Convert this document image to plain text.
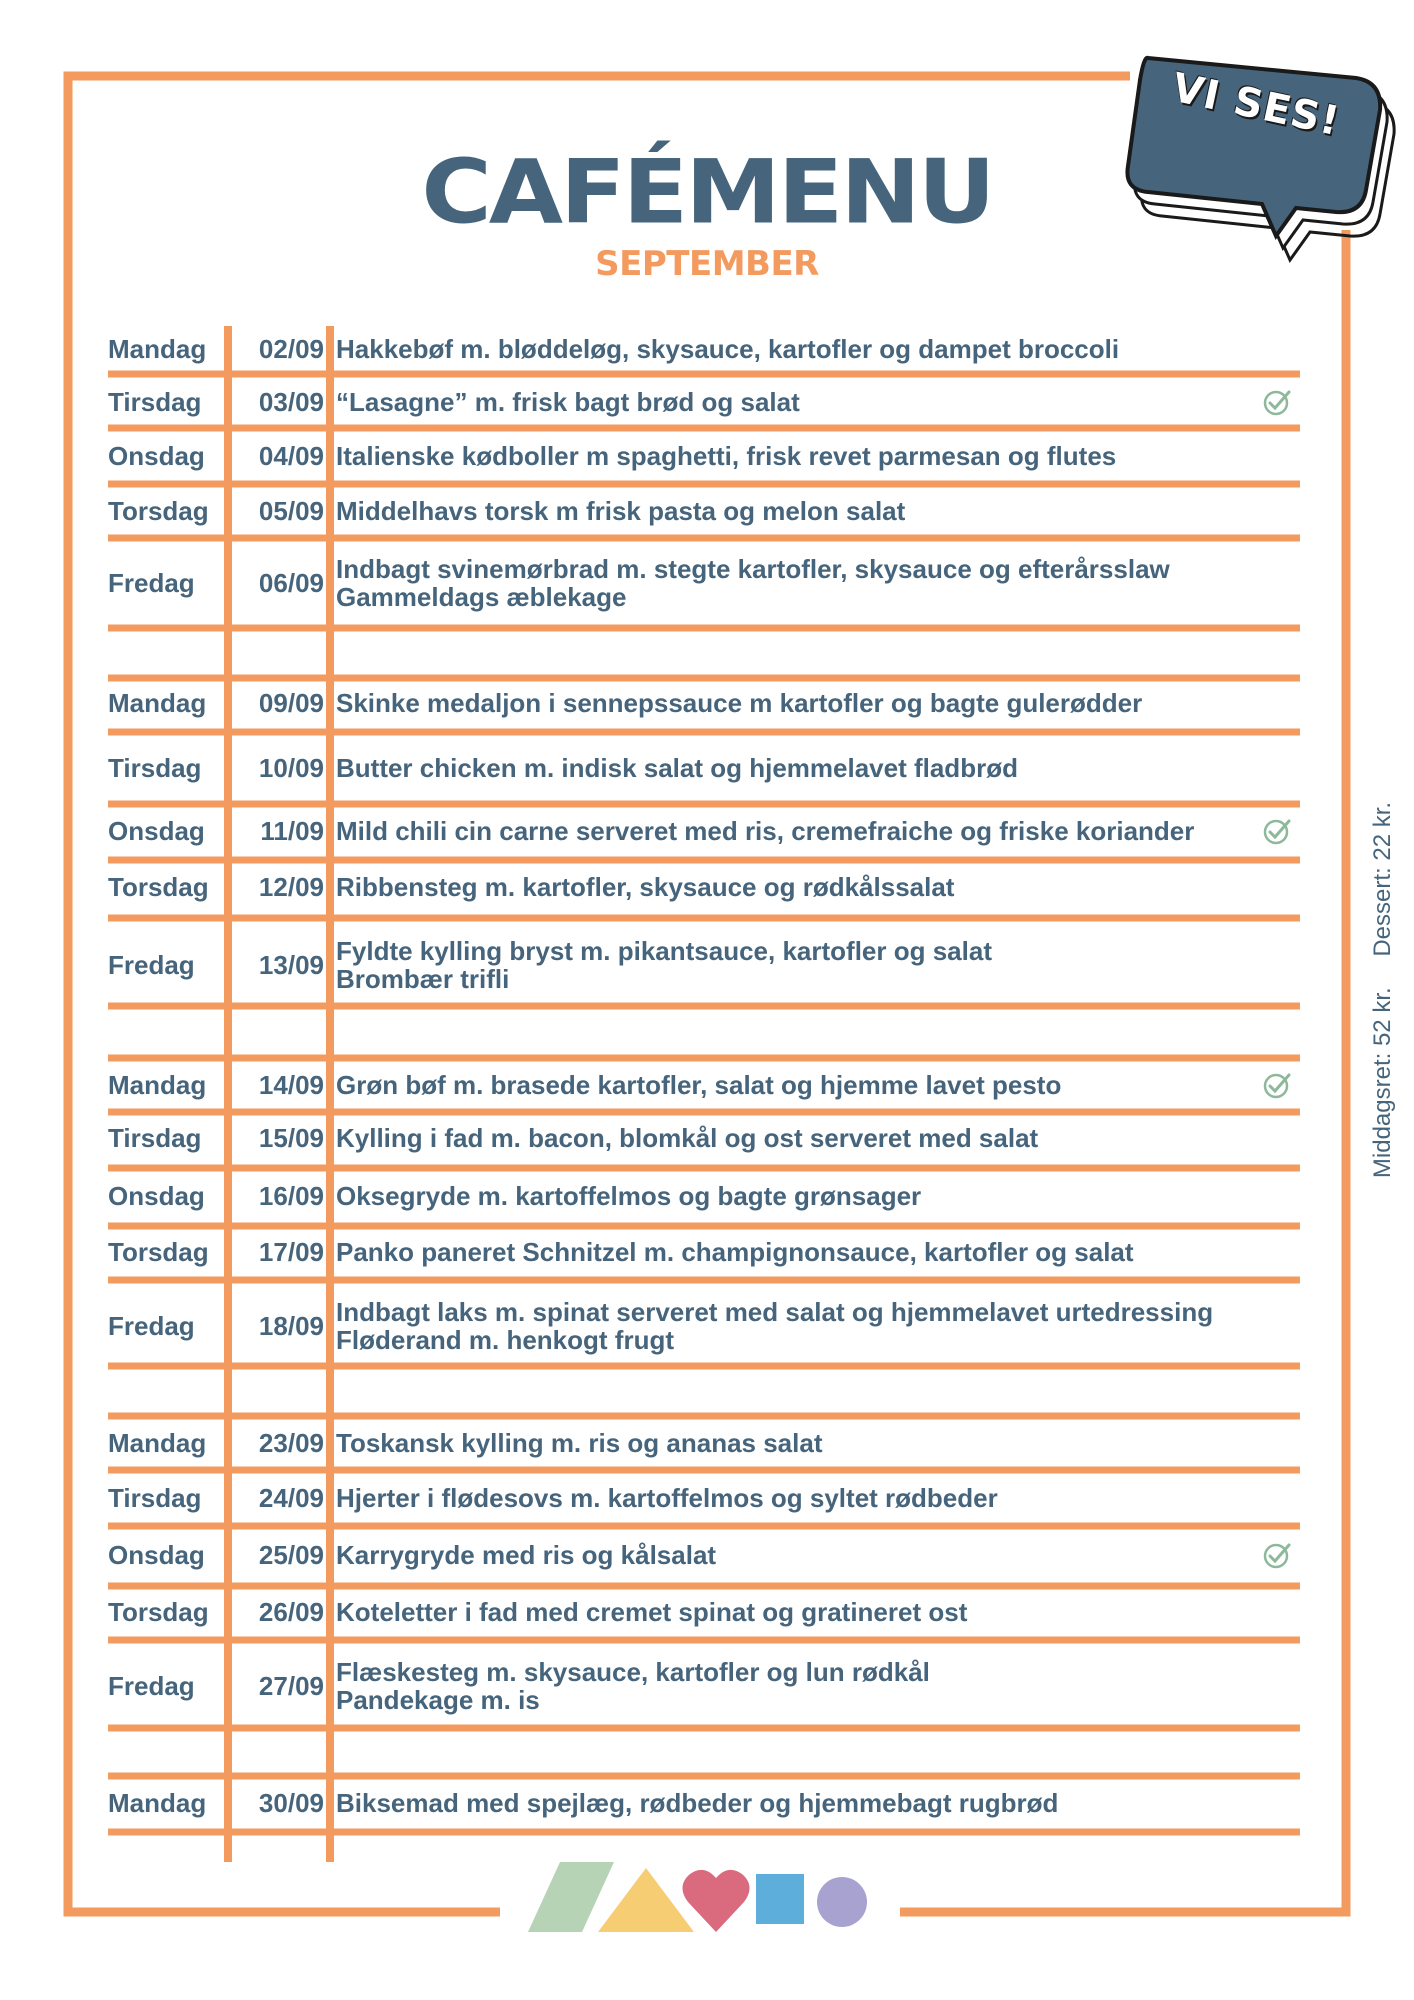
CAFÉMENU
SEPTEMBER
VI SES!
Mandag	02/09 Hakkebøf m. bløddeløg, skysauce, kartofler og dampet broccoli
Tirsdag	03/09 “Lasagne” m. frisk bagt brød og salat
Onsdag	04/09 Italienske kødboller m spaghetti, frisk revet parmesan og flutes
Torsdag	05/09 Middelhavs torsk m frisk pasta og melon salat
Fredag	06/09 Indbagt svinemørbrad m. stegte kartofler, skysauce og efterårsslaw
Gammeldags æblekage
Mandag	09/09 Skinke medaljon i sennepssauce m kartofler og bagte gulerødder
Tirsdag	10/09 Butter chicken m. indisk salat og hjemmelavet fladbrød
Onsdag	11/09 Mild chili cin carne serveret med ris, cremefraiche og friske koriander
Torsdag	12/09 Ribbensteg m. kartofler, skysauce og rødkålssalat
Fredag	13/09 Fyldte kylling bryst m. pikantsauce, kartofler og salat
Brombær trifli
Mandag	14/09 Grøn bøf m. brasede kartofler, salat og hjemme lavet pesto
Tirsdag	15/09 Kylling i fad m. bacon, blomkål og ost serveret med salat
Onsdag	16/09 Oksegryde m. kartoffelmos og bagte grønsager
Torsdag	17/09 Panko paneret Schnitzel m. champignonsauce, kartofler og salat
Fredag	18/09 Indbagt laks m. spinat serveret med salat og hjemmelavet urtedressing
Fløderand m. henkogt frugt
Mandag	23/09 Toskansk kylling m. ris og ananas salat
Tirsdag	24/09 Hjerter i flødesovs m. kartoffelmos og syltet rødbeder
Onsdag	25/09 Karrygryde med ris og kålsalat
Torsdag	26/09 Koteletter i fad med cremet spinat og gratineret ost
Fredag	27/09 Flæskesteg m. skysauce, kartofler og lun rødkål
Pandekage m. is
Mandag	30/09 Biksemad med spejlæg, rødbeder og hjemmebagt rugbrød
Middagsret: 52 kr. Dessert: 22 kr.
